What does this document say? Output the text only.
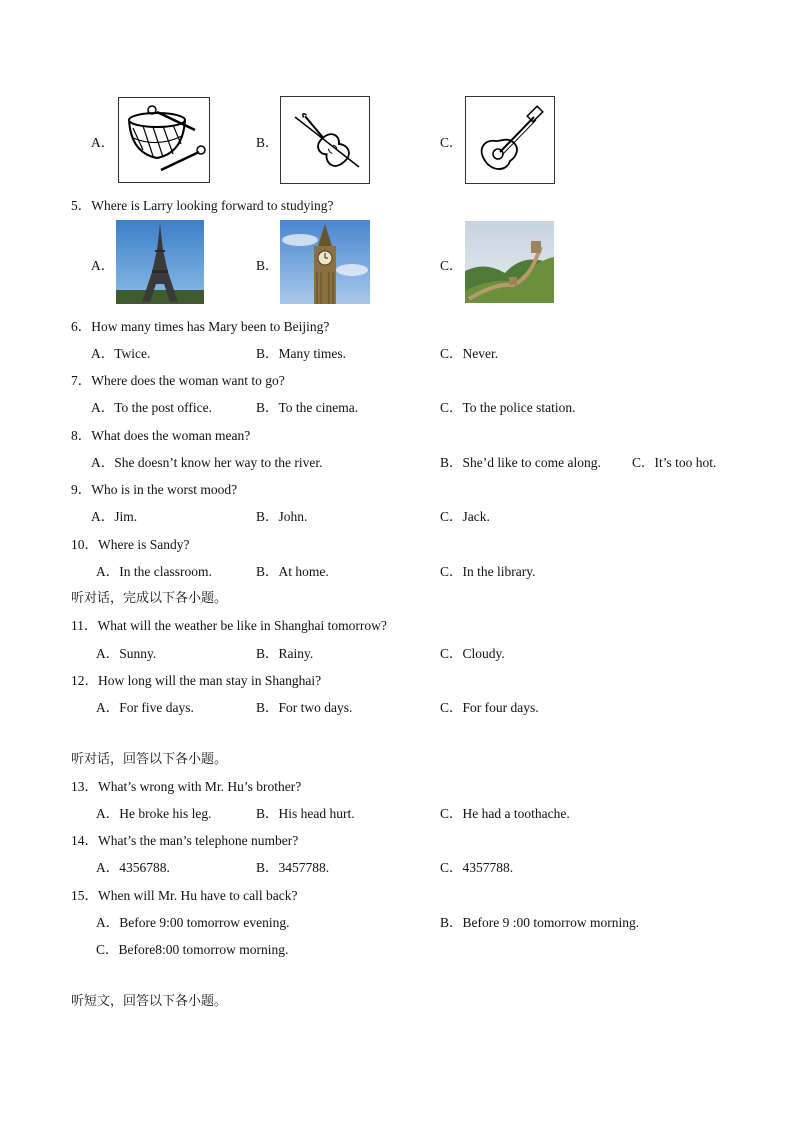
A．	B．	C．
5．Where is Larry looking forward to studying?
A．	B．	C．
6．How many times has Mary been to Beijing?
A．Twice.	B．Many times.	C．Never.
7．Where does the woman want to go?
A．To the post office.	B．To the cinema.	C．To the police station.
8．What does the woman mean?
A．She doesn’t know her way to the river.	B．She’d like to come along. C．It’s too hot.
9．Who is in the worst mood?
A．Jim.	B．John.	C．Jack.
10．Where is Sandy?
A．In the classroom.	B．At home.	C．In the library.
听对话，完成以下各小题。
11．What will the weather be like in Shanghai tomorrow?
A．Sunny.	B．Rainy.	C．Cloudy.
12．How long will the man stay in Shanghai?
A．For five days.	B．For two days.	C．For four days.
听对话，回答以下各小题。
13．What’s wrong with Mr. Hu’s brother?
A．He broke his leg.	B．His head hurt.	C．He had a toothache.
14．What’s the man’s telephone number?
A．4356788.	B．3457788.	C．4357788.
15．When will Mr. Hu have to call back?
A．Before 9:00 tomorrow evening.	B．Before 9 :00 tomorrow morning.
C．Before8:00 tomorrow morning.
听短文，回答以下各小题。
